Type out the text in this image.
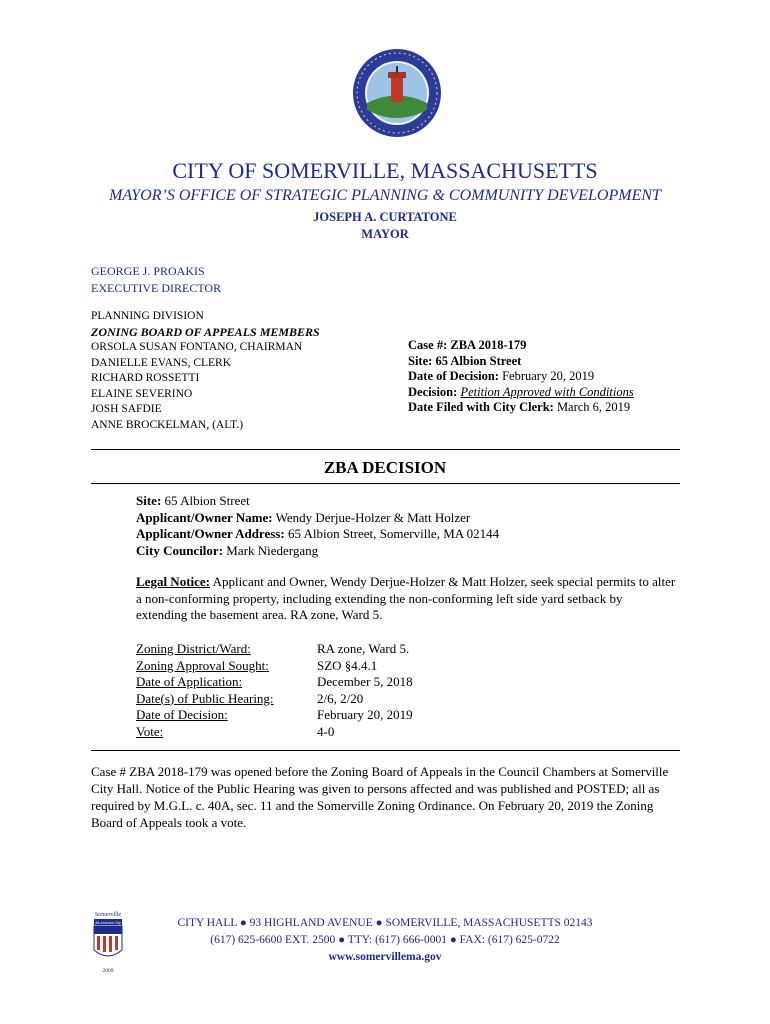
CITY OF SOMERVILLE, MASSACHUSETTS
MAYOR’S OFFICE OF STRATEGIC PLANNING & COMMUNITY DEVELOPMENT
JOSEPH A. CURTATONE
MAYOR
GEORGE J. PROAKIS
EXECUTIVE DIRECTOR
PLANNING DIVISION
ZONING BOARD OF APPEALS MEMBERS
ORSOLA SUSAN FONTANO, CHAIRMAN
DANIELLE EVANS, CLERK
RICHARD ROSSETTI
ELAINE SEVERINO
JOSH SAFDIE
ANNE BROCKELMAN, (ALT.)
Case #: ZBA 2018-179
Site: 65 Albion Street
Date of Decision: February 20, 2019
Decision: Petition Approved with Conditions
Date Filed with City Clerk: March 6, 2019
ZBA DECISION
Site: 65 Albion Street
Applicant/Owner Name: Wendy Derjue-Holzer & Matt Holzer
Applicant/Owner Address: 65 Albion Street, Somerville, MA 02144
City Councilor: Mark Niedergang
Legal Notice: Applicant and Owner, Wendy Derjue-Holzer & Matt Holzer, seek special permits to alter a non-conforming property, including extending the non-conforming left side yard setback by extending the basement area. RA zone, Ward 5.
Zoning District/Ward:	RA zone, Ward 5.
Zoning Approval Sought:	SZO §4.4.1
Date of Application:	December 5, 2018
Date(s) of Public Hearing:	2/6, 2/20
Date of Decision:	February 20, 2019
Vote:	4-0
Case # ZBA 2018-179 was opened before the Zoning Board of Appeals in the Council Chambers at Somerville City Hall. Notice of the Public Hearing was given to persons affected and was published and POSTED; all as required by M.G.L. c. 40A, sec. 11 and the Somerville Zoning Ordinance. On February 20, 2019 the Zoning Board of Appeals took a vote.
Somerville
All-America City
2009
CITY HALL ● 93 HIGHLAND AVENUE ● SOMERVILLE, MASSACHUSETTS 02143
(617) 625-6600 EXT. 2500 ● TTY: (617) 666-0001 ● FAX: (617) 625-0722
www.somervillema.gov
